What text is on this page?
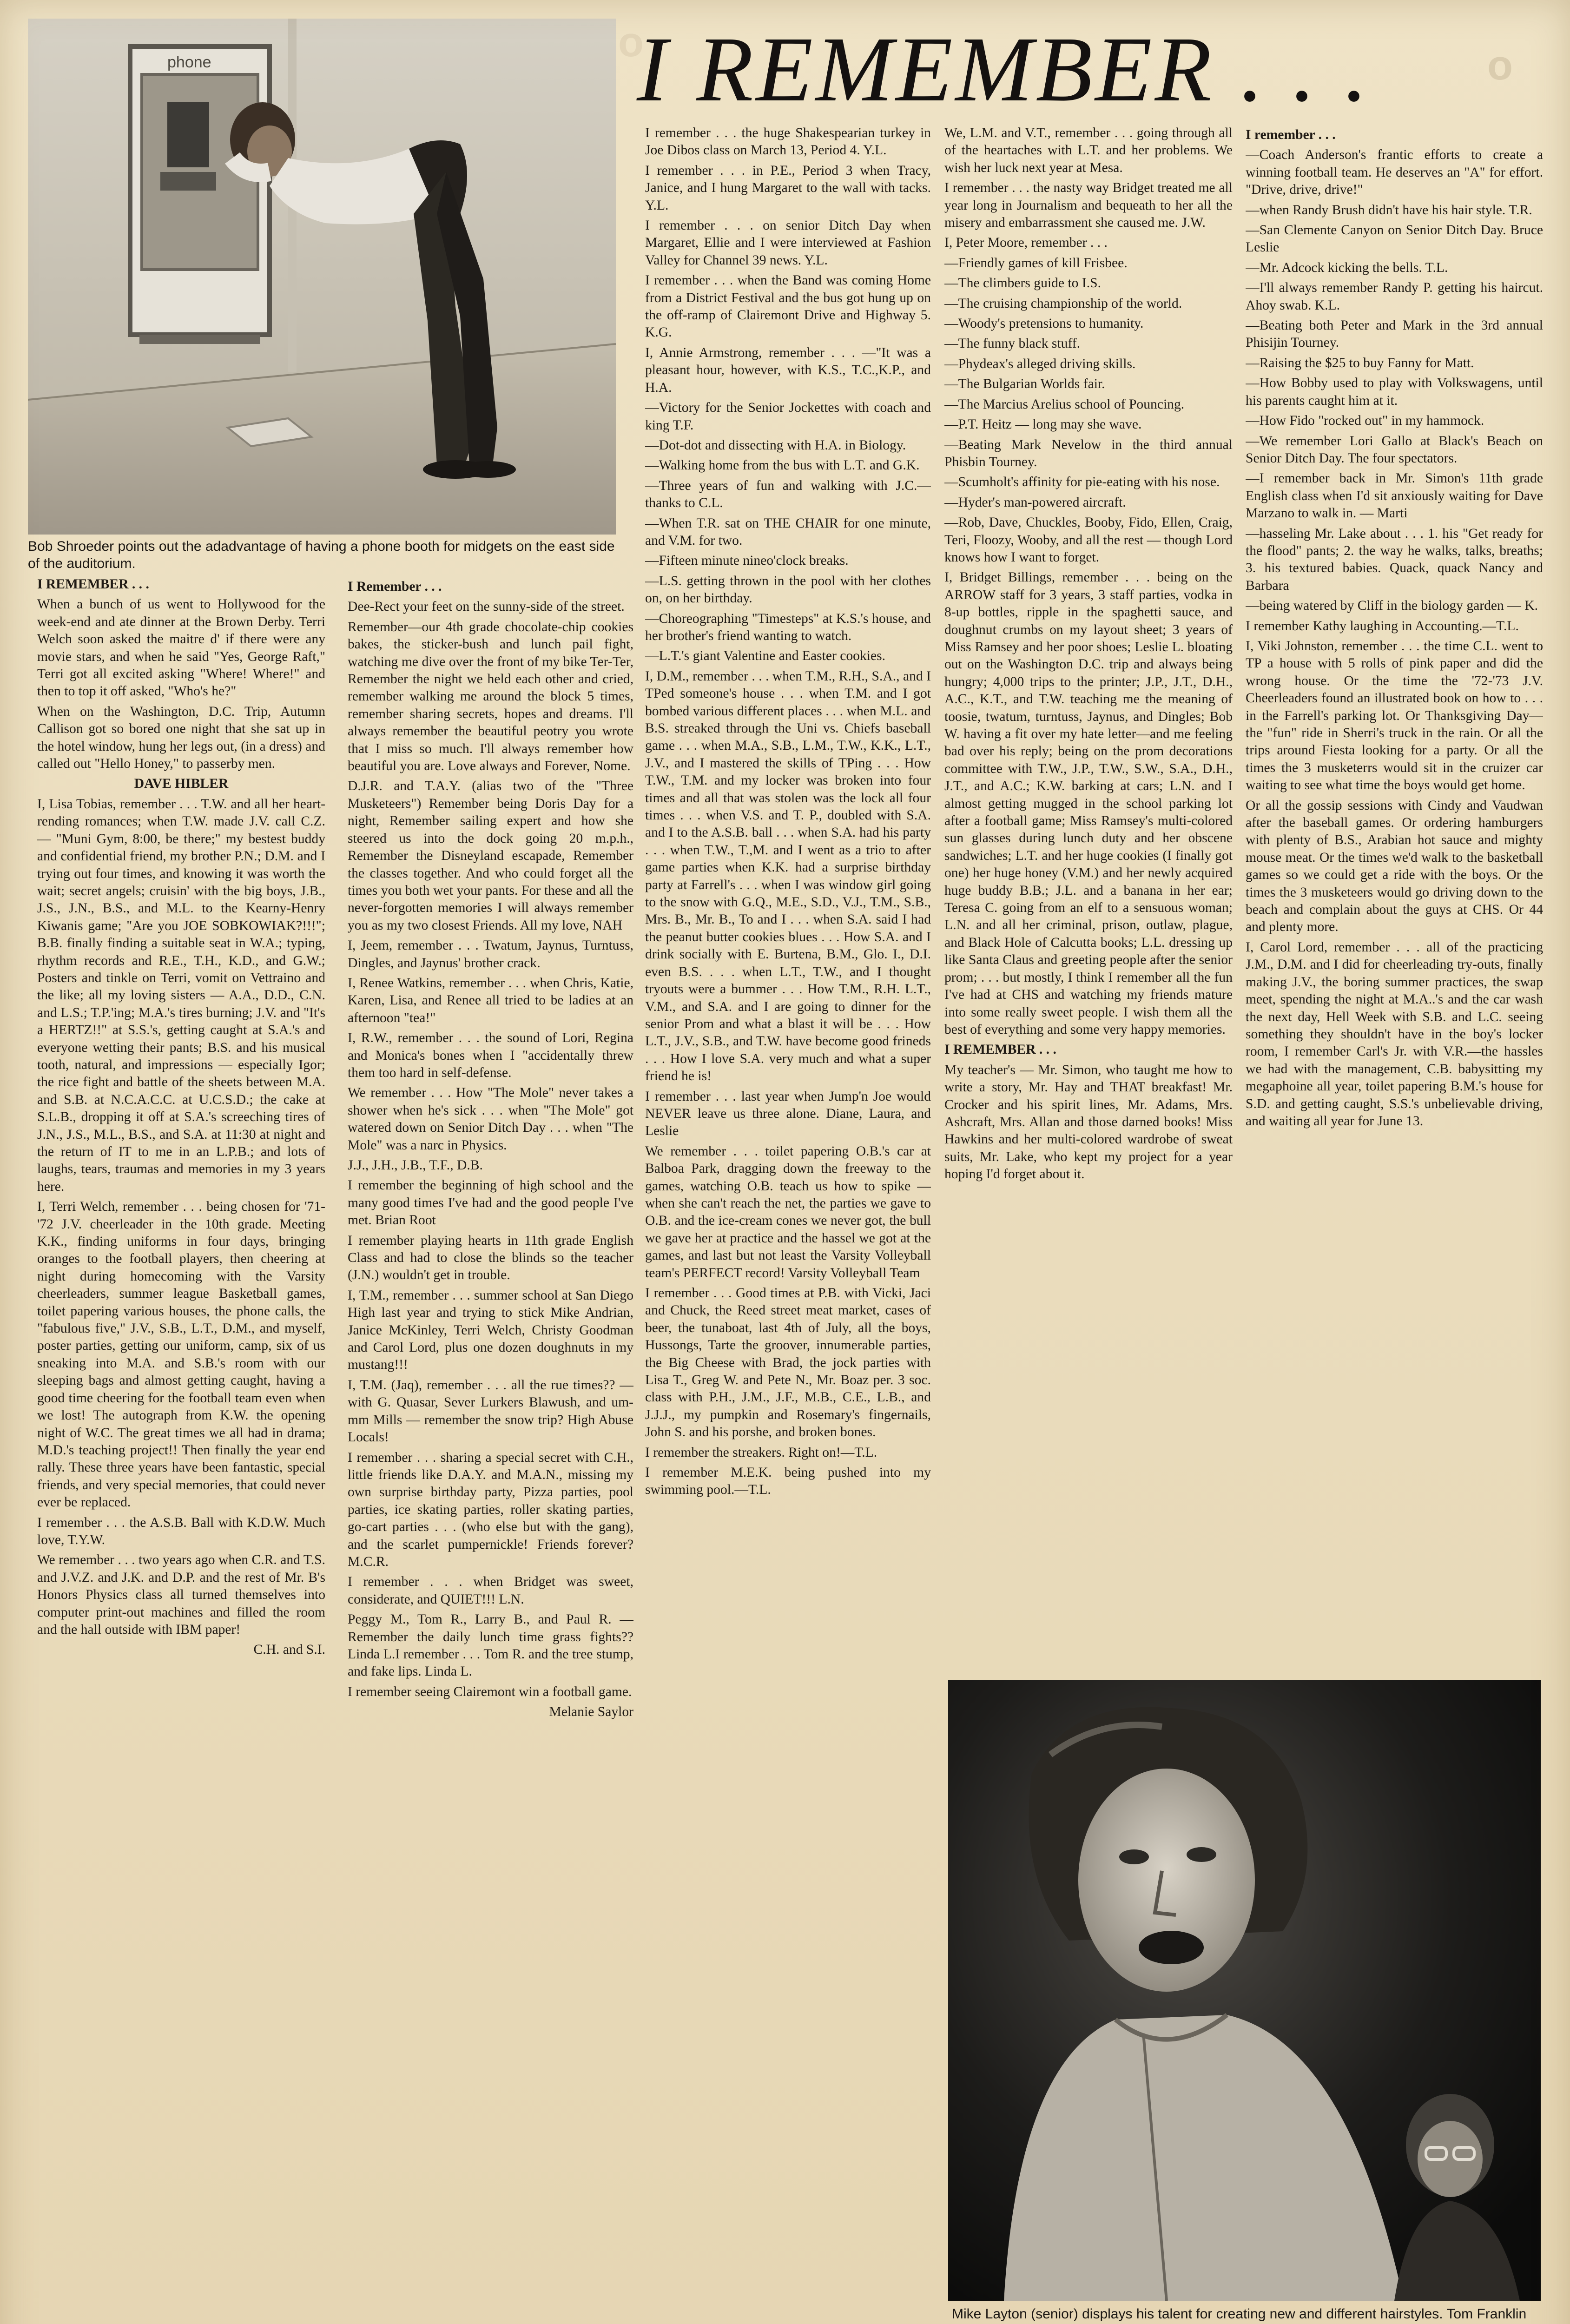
o	o
phone
Bob Shroeder points out the adadvantage of having a phone booth for midgets on the east side of the auditorium.
I REMEMBER . . .

I REMEMBER . . .

When a bunch of us went to Hollywood for the week-end and ate dinner at the Brown Derby. Terri Welch soon asked the maitre d' if there were any movie stars, and when he said "Yes, George Raft," Terri got all excited asking "Where! Where!" and then to top it off asked, "Who's he?"

When on the Washington, D.C. Trip, Autumn Callison got so bored one night that she sat up in the hotel window, hung her legs out, (in a dress) and called out "Hello Honey," to passerby men.

DAVE HIBLER

I, Lisa Tobias, remember . . . T.W. and all her heart-rending romances; when T.W. made J.V. call C.Z. — "Muni Gym, 8:00, be there;" my bestest buddy and confidential friend, my brother P.N.; D.M. and I trying out four times, and knowing it was worth the wait; secret angels; cruisin' with the big boys, J.B., J.S., J.N., B.S., and M.L. to the Kearny-Henry Kiwanis game; "Are you JOE SOBKOWIAK?!!!"; B.B. finally finding a suitable seat in W.A.; typing, rhythm records and R.E., T.H., K.D., and G.W.; Posters and tinkle on Terri, vomit on Vettraino and the like; all my loving sisters — A.A., D.D., C.N. and L.S.; T.P.'ing; M.A.'s tires burning; J.V. and "It's a HERTZ!!" at S.S.'s, getting caught at S.A.'s and everyone wetting their pants; B.S. and his musical tooth, natural, and impressions — especially Igor; the rice fight and battle of the sheets between M.A. and S.B. at N.C.A.C.C. at U.C.S.D.; the cake at S.L.B., dropping it off at S.A.'s screeching tires of J.N., J.S., M.L., B.S., and S.A. at 11:30 at night and the return of IT to me in an L.P.B.; and lots of laughs, tears, traumas and memories in my 3 years here.

I, Terri Welch, remember . . . being chosen for '71-'72 J.V. cheerleader in the 10th grade. Meeting K.K., finding uniforms in four days, bringing oranges to the football players, then cheering at night during homecoming with the Varsity cheerleaders, summer league Basketball games, toilet papering various houses, the phone calls, the "fabulous five," J.V., S.B., L.T., D.M., and myself, poster parties, getting our uniform, camp, six of us sneaking into M.A. and S.B.'s room with our sleeping bags and almost getting caught, having a good time cheering for the football team even when we lost! The autograph from K.W. the opening night of W.C. The great times we all had in drama; M.D.'s teaching project!! Then finally the year end rally. These three years have been fantastic, special friends, and very special memories, that could never ever be replaced.

I remember . . . the A.S.B. Ball with K.D.W. Much love, T.Y.W.

We remember . . . two years ago when C.R. and T.S. and J.V.Z. and J.K. and D.P. and the rest of Mr. B's Honors Physics class all turned themselves into computer print-out machines and filled the room and the hall outside with IBM paper!

C.H. and S.I.

I Remember . . .

Dee-Rect your feet on the sunny-side of the street.

Remember—our 4th grade chocolate-chip cookies bakes, the sticker-bush and lunch pail fight, watching me dive over the front of my bike Ter-Ter, Remember the night we held each other and cried, remember walking me around the block 5 times, remember sharing secrets, hopes and dreams. I'll always remember the beautiful peotry you wrote that I miss so much. I'll always remember how beautiful you are. Love always and Forever, Nome.

D.J.R. and T.A.Y. (alias two of the "Three Musketeers") Remember being Doris Day for a night, Remember sailing expert and how she steered us into the dock going 20 m.p.h., Remember the Disneyland escapade, Remember the classes together. And who could forget all the times you both wet your pants. For these and all the never-forgotten memories I will always remember you as my two closest Friends. All my love, NAH

I, Jeem, remember . . . Twatum, Jaynus, Turntuss, Dingles, and Jaynus' brother crack.

I, Renee Watkins, remember . . . when Chris, Katie, Karen, Lisa, and Renee all tried to be ladies at an afternoon "tea!"

I, R.W., remember . . . the sound of Lori, Regina and Monica's bones when I "accidentally threw them too hard in self-defense.

We remember . . . How "The Mole" never takes a shower when he's sick . . . when "The Mole" got watered down on Senior Ditch Day . . . when "The Mole" was a narc in Physics.

J.J., J.H., J.B., T.F., D.B.

I remember the beginning of high school and the many good times I've had and the good people I've met. Brian Root

I remember playing hearts in 11th grade English Class and had to close the blinds so the teacher (J.N.) wouldn't get in trouble.

I, T.M., remember . . . summer school at San Diego High last year and trying to stick Mike Andrian, Janice McKinley, Terri Welch, Christy Goodman and Carol Lord, plus one dozen doughnuts in my mustang!!!

I, T.M. (Jaq), remember . . . all the rue times?? — with G. Quasar, Sever Lurkers Blawush, and um-mm Mills — remember the snow trip? High Abuse Locals!

I remember . . . sharing a special secret with C.H., little friends like D.A.Y. and M.A.N., missing my own surprise birthday party, Pizza parties, pool parties, ice skating parties, roller skating parties, go-cart parties . . . (who else but with the gang), and the scarlet pumpernickle! Friends forever? M.C.R.

I remember . . . when Bridget was sweet, considerate, and QUIET!!! L.N.

Peggy M., Tom R., Larry B., and Paul R. — Remember the daily lunch time grass fights?? Linda L.I remember . . . Tom R. and the tree stump, and fake lips. Linda L.

I remember seeing Clairemont win a football game.

Melanie Saylor

I remember . . . the huge Shakespearian turkey in Joe Dibos class on March 13, Period 4. Y.L.

I remember . . . in P.E., Period 3 when Tracy, Janice, and I hung Margaret to the wall with tacks. Y.L.

I remember . . . on senior Ditch Day when Margaret, Ellie and I were interviewed at Fashion Valley for Channel 39 news. Y.L.

I remember . . . when the Band was coming Home from a District Festival and the bus got hung up on the off-ramp of Clairemont Drive and Highway 5. K.G.

I, Annie Armstrong, remember . . . —"It was a pleasant hour, however, with K.S., T.C.,K.P., and H.A.

—Victory for the Senior Jockettes with coach and king T.F.

—Dot-dot and dissecting with H.A. in Biology.

—Walking home from the bus with L.T. and G.K.

—Three years of fun and walking with J.C.—thanks to C.L.

—When T.R. sat on THE CHAIR for one minute, and V.M. for two.

—Fifteen minute nineo'clock breaks.

—L.S. getting thrown in the pool with her clothes on, on her birthday.

—Choreographing "Timesteps" at K.S.'s house, and her brother's friend wanting to watch.

—L.T.'s giant Valentine and Easter cookies.

I, D.M., remember . . . when T.M., R.H., S.A., and I TPed someone's house . . . when T.M. and I got bombed various different places . . . when M.L. and B.S. streaked through the Uni vs. Chiefs baseball game . . . when M.A., S.B., L.M., T.W., K.K., L.T., J.V., and I mastered the skills of TPing . . . How T.W., T.M. and my locker was broken into four times and all that was stolen was the lock all four times . . . when V.S. and T. P., doubled with S.A. and I to the A.S.B. ball . . . when S.A. had his party . . . when T.W., T.,M. and I went as a trio to after game parties when K.K. had a surprise birthday party at Farrell's . . . when I was window girl going to the snow with G.Q., M.E., S.D., V.J., T.M., S.B., Mrs. B., Mr. B., To and I . . . when S.A. said I had the peanut butter cookies blues . . . How S.A. and I drink socially with E. Burtena, B.M., Glo. I., D.I. even B.S. . . . when L.T., T.W., and I thought tryouts were a bummer . . . How T.M., R.H. L.T., V.M., and S.A. and I are going to dinner for the senior Prom and what a blast it will be . . . How L.T., J.V., S.B., and T.W. have become good frineds . . . How I love S.A. very much and what a super friend he is!

I remember . . . last year when Jump'n Joe would NEVER leave us three alone. Diane, Laura, and Leslie

We remember . . . toilet papering O.B.'s car at Balboa Park, dragging down the freeway to the games, watching O.B. teach us how to spike — when she can't reach the net, the parties we gave to O.B. and the ice-cream cones we never got, the bull we gave her at practice and the hassel we got at the games, and last but not least the Varsity Volleyball team's PERFECT record! Varsity Volleyball Team

I remember . . . Good times at P.B. with Vicki, Jaci and Chuck, the Reed street meat market, cases of beer, the tunaboat, last 4th of July, all the boys, Hussongs, Tarte the groover, innumerable parties, the Big Cheese with Brad, the jock parties with Lisa T., Greg W. and Pete N., Mr. Boaz per. 3 soc. class with P.H., J.M., J.F., M.B., C.E., L.B., and J.J.J., my pumpkin and Rosemary's fingernails, John S. and his porshe, and broken bones.

I remember the streakers. Right on!—T.L.

I remember M.E.K. being pushed into my swimming pool.—T.L.

We, L.M. and V.T., remember . . . going through all of the heartaches with L.T. and her problems. We wish her luck next year at Mesa.

I remember . . . the nasty way Bridget treated me all year long in Journalism and bequeath to her all the misery and embarrassment she caused me. J.W.

I, Peter Moore, remember . . .

—Friendly games of kill Frisbee.

—The climbers guide to I.S.

—The cruising championship of the world.

—Woody's pretensions to humanity.

—The funny black stuff.

—Phydeax's alleged driving skills.

—The Bulgarian Worlds fair.

—The Marcius Arelius school of Pouncing.

—P.T. Heitz — long may she wave.

—Beating Mark Nevelow in the third annual Phisbin Tourney.

—Scumholt's affinity for pie-eating with his nose.

—Hyder's man-powered aircraft.

—Rob, Dave, Chuckles, Booby, Fido, Ellen, Craig, Teri, Floozy, Wooby, and all the rest — though Lord knows how I want to forget.

I, Bridget Billings, remember . . . being on the ARROW staff for 3 years, 3 staff parties, vodka in 8-up bottles, ripple in the spaghetti sauce, and doughnut crumbs on my layout sheet; 3 years of Miss Ramsey and her poor shoes; Leslie L. bloating out on the Washington D.C. trip and always being hungry; 4,000 trips to the printer; J.P., J.T., D.H., A.C., K.T., and T.W. teaching me the meaning of toosie, twatum, turntuss, Jaynus, and Dingles; Bob W. having a fit over my hate letter—and me feeling bad over his reply; being on the prom decorations committee with T.W., J.P., T.W., S.W., S.A., D.H., J.T., and A.C.; K.W. barking at cars; L.N. and I almost getting mugged in the school parking lot after a football game; Miss Ramsey's multi-colored sun glasses during lunch duty and her obscene sandwiches; L.T. and her huge cookies (I finally got one) her huge honey (V.M.) and her newly acquired huge buddy B.B.; J.L. and a banana in her ear; Teresa C. going from an elf to a sensuous woman; L.N. and all her criminal, prison, outlaw, plague, and Black Hole of Calcutta books; L.L. dressing up like Santa Claus and greeting people after the senior prom; . . . but mostly, I think I remember all the fun I've had at CHS and watching my friends mature into some really sweet people. I wish them all the best of everything and some very happy memories.

I REMEMBER . . .

My teacher's — Mr. Simon, who taught me how to write a story, Mr. Hay and THAT breakfast! Mr. Crocker and his spirit lines, Mr. Adams, Mrs. Ashcraft, Mrs. Allan and those darned books! Miss Hawkins and her multi-colored wardrobe of sweat suits, Mr. Lake, who kept my project for a year hoping I'd forget about it.

I remember . . .

—Coach Anderson's frantic efforts to create a winning football team. He deserves an "A" for effort. "Drive, drive, drive!"

—when Randy Brush didn't have his hair style. T.R.

—San Clemente Canyon on Senior Ditch Day. Bruce Leslie

—Mr. Adcock kicking the bells. T.L.

—I'll always remember Randy P. getting his haircut. Ahoy swab. K.L.

—Beating both Peter and Mark in the 3rd annual Phisijin Tourney.

—Raising the $25 to buy Fanny for Matt.

—How Bobby used to play with Volkswagens, until his parents caught him at it.

—How Fido "rocked out" in my hammock.

—We remember Lori Gallo at Black's Beach on Senior Ditch Day. The four spectators.

—I remember back in Mr. Simon's 11th grade English class when I'd sit anxiously waiting for Dave Marzano to walk in. — Marti

—hasseling Mr. Lake about . . . 1. his "Get ready for the flood" pants; 2. the way he walks, talks, breaths; 3. his textured babies. Quack, quack Nancy and Barbara

—being watered by Cliff in the biology garden — K.

I remember Kathy laughing in Accounting.—T.L.

I, Viki Johnston, remember . . . the time C.L. went to TP a house with 5 rolls of pink paper and did the wrong house. Or the time the '72-'73 J.V. Cheerleaders found an illustrated book on how to . . . in the Farrell's parking lot. Or Thanksgiving Day—the "fun" ride in Sherri's truck in the rain. Or all the trips around Fiesta looking for a party. Or all the times the 3 musketerrs would sit in the cruizer car waiting to see what time the boys would get home.

Or all the gossip sessions with Cindy and Vaudwan after the baseball games. Or ordering hamburgers with plenty of B.S., Arabian hot sauce and mighty mouse meat. Or the times we'd walk to the basketball games so we could get a ride with the boys. Or the times the 3 musketeers would go driving down to the beach and complain about the guys at CHS. Or 44 and plenty more.

I, Carol Lord, remember . . . all of the practicing J.M., D.M. and I did for cheerleading try-outs, finally making J.V., the boring summer practices, the swap meet, spending the night at M.A..'s and the car wash the next day, Hell Week with S.B. and L.C. seeing something they shouldn't have in the boy's locker room, I remember Carl's Jr. with V.R.—the hassles we had with the management, C.B. babysitting my megaphoine all year, toilet papering B.M.'s house for S.D. and getting caught, S.S.'s unbelievable driving, and waiting all year for June 13.

Mike Layton (senior) displays his talent for creating new and different hairstyles. Tom Franklin
